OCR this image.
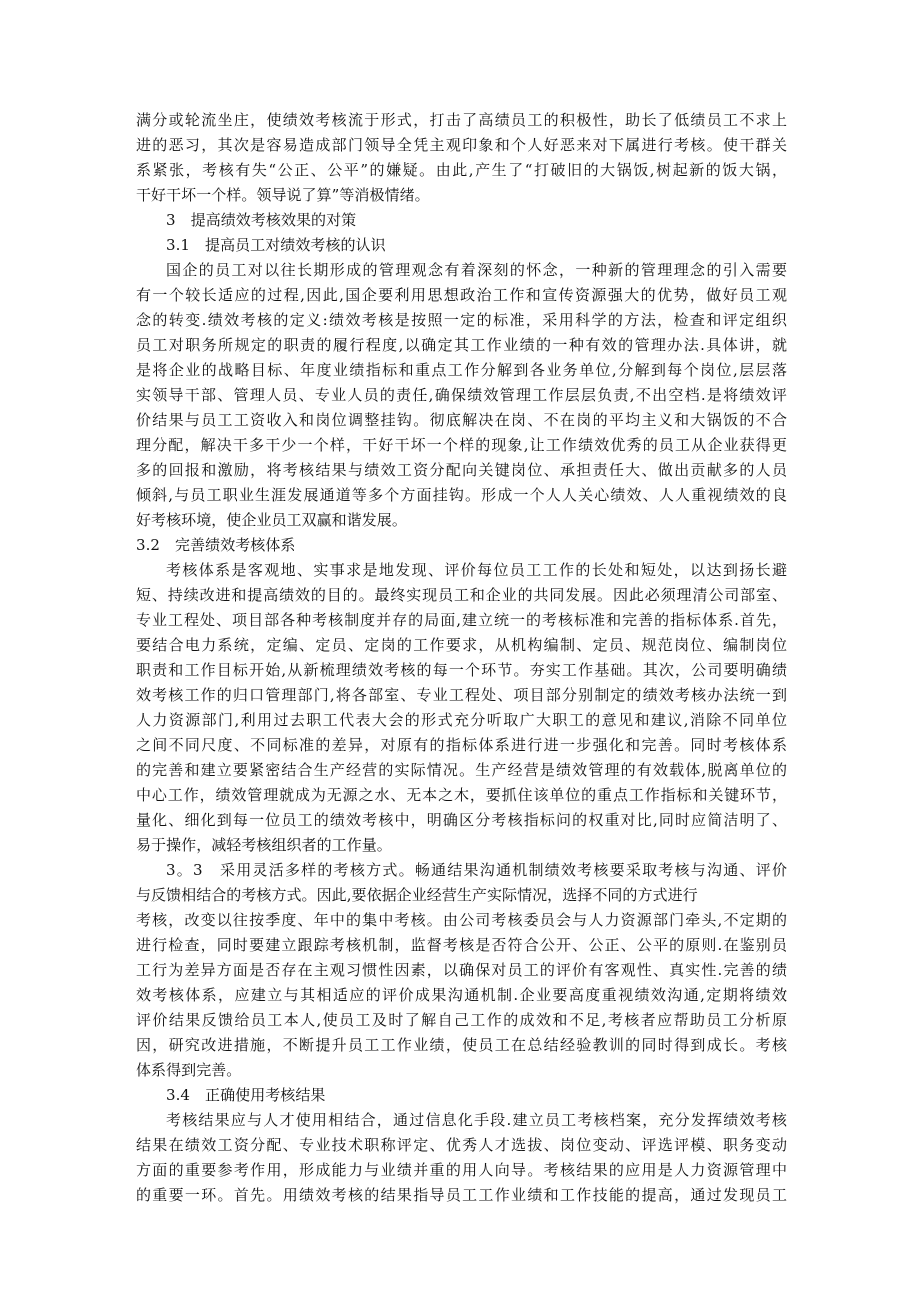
满分或轮流坐庄，使绩效考核流于形式，打击了高绩员工的积极性，助长了低绩员工不求上
进的恶习，其次是容易造成部门领导全凭主观印象和个人好恶来对下属进行考核。使干群关
系紧张，考核有失“公正、公平”的嫌疑。由此,产生了“打破旧的大锅饭,树起新的饭大锅，
干好干坏一个样。领导说了算”等消极情绪。
3　提高绩效考核效果的对策
3.1　提高员工对绩效考核的认识
国企的员工对以往长期形成的管理观念有着深刻的怀念，一种新的管理理念的引入需要
有一个较长适应的过程,因此,国企要利用思想政治工作和宣传资源强大的优势，做好员工观
念的转变.绩效考核的定义:绩效考核是按照一定的标准，采用科学的方法，检查和评定组织
员工对职务所规定的职责的履行程度,以确定其工作业绩的一种有效的管理办法.具体讲，就
是将企业的战略目标、年度业绩指标和重点工作分解到各业务单位,分解到每个岗位,层层落
实领导干部、管理人员、专业人员的责任,确保绩效管理工作层层负责,不出空档.是将绩效评
价结果与员工工资收入和岗位调整挂钩。彻底解决在岗、不在岗的平均主义和大锅饭的不合
理分配，解决干多干少一个样，干好干坏一个样的现象,让工作绩效优秀的员工从企业获得更
多的回报和激励，将考核结果与绩效工资分配向关键岗位、承担责任大、做出贡献多的人员
倾斜,与员工职业生涯发展通道等多个方面挂钩。形成一个人人关心绩效、人人重视绩效的良
好考核环境，使企业员工双赢和谐发展。
3.2　完善绩效考核体系
考核体系是客观地、实事求是地发现、评价每位员工工作的长处和短处，以达到扬长避
短、持续改进和提高绩效的目的。最终实现员工和企业的共同发展。因此必须理清公司部室、
专业工程处、项目部各种考核制度并存的局面,建立统一的考核标准和完善的指标体系.首先，
要结合电力系统，定编、定员、定岗的工作要求，从机构编制、定员、规范岗位、编制岗位
职责和工作目标开始,从新梳理绩效考核的每一个环节。夯实工作基础。其次，公司要明确绩
效考核工作的归口管理部门,将各部室、专业工程处、项目部分别制定的绩效考核办法统一到
人力资源部门,利用过去职工代表大会的形式充分听取广大职工的意见和建议,消除不同单位
之间不同尺度、不同标准的差异，对原有的指标体系进行进一步强化和完善。同时考核体系
的完善和建立要紧密结合生产经营的实际情况。生产经营是绩效管理的有效载体,脱离单位的
中心工作，绩效管理就成为无源之水、无本之木，要抓住该单位的重点工作指标和关键环节，
量化、细化到每一位员工的绩效考核中，明确区分考核指标问的权重对比,同时应简洁明了、
易于操作，减轻考核组织者的工作量。
3。3　采用灵活多样的考核方式。畅通结果沟通机制绩效考核要采取考核与沟通、评价
与反馈相结合的考核方式。因此,要依据企业经营生产实际情况，选择不同的方式进行
考核，改变以往按季度、年中的集中考核。由公司考核委员会与人力资源部门牵头,不定期的
进行检查，同时要建立跟踪考核机制，监督考核是否符合公开、公正、公平的原则.在鉴别员
工行为差异方面是否存在主观习惯性因素，以确保对员工的评价有客观性、真实性.完善的绩
效考核体系，应建立与其相适应的评价成果沟通机制.企业要高度重视绩效沟通,定期将绩效
评价结果反馈给员工本人,使员工及时了解自己工作的成效和不足,考核者应帮助员工分析原
因，研究改进措施，不断提升员工工作业绩，使员工在总结经验教训的同时得到成长。考核
体系得到完善。
3.4　正确使用考核结果
考核结果应与人才使用相结合，通过信息化手段.建立员工考核档案，充分发挥绩效考核
结果在绩效工资分配、专业技术职称评定、优秀人才选拔、岗位变动、评选评模、职务变动
方面的重要参考作用，形成能力与业绩并重的用人向导。考核结果的应用是人力资源管理中
的重要一环。首先。用绩效考核的结果指导员工工作业绩和工作技能的提高，通过发现员工
